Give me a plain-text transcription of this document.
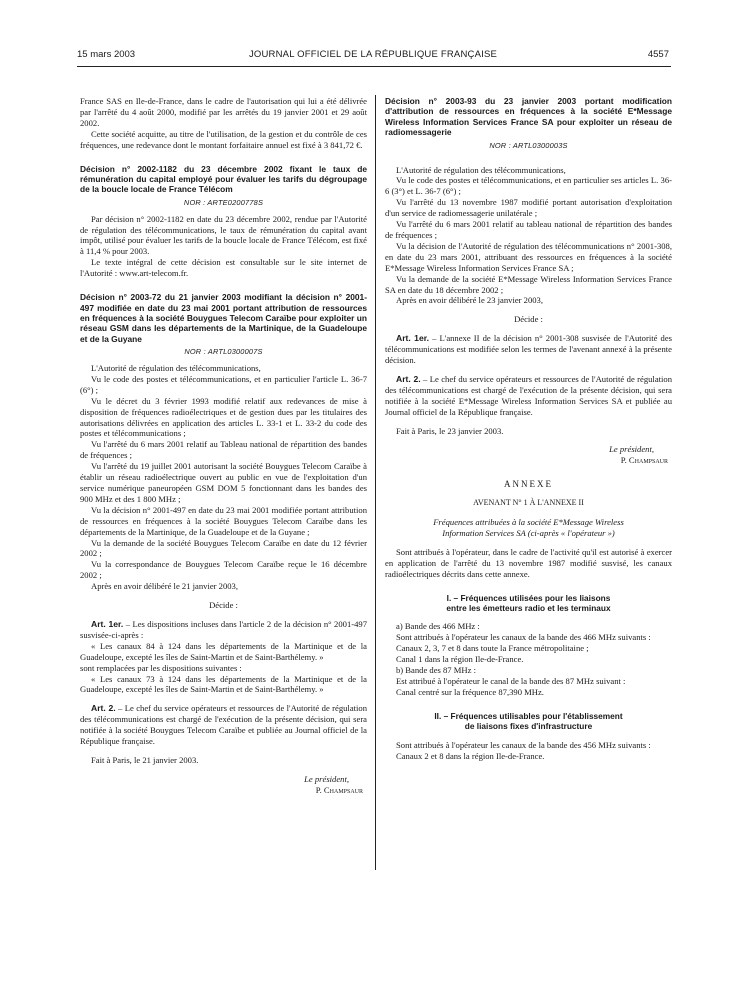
15 mars 2003	JOURNAL OFFICIEL DE LA RÉPUBLIQUE FRANÇAISE	4557

France SAS en Ile-de-France, dans le cadre de l'autorisation qui lui a été délivrée par l'arrêté du 4 août 2000, modifié par les arrêtés du 19 janvier 2001 et 29 août 2002.

Cette société acquitte, au titre de l'utilisation, de la gestion et du contrôle de ces fréquences, une redevance dont le montant forfaitaire annuel est fixé à 3 841,72 €.

Décision n° 2002-1182 du 23 décembre 2002 fixant le taux de rémunération du capital employé pour évaluer les tarifs du dégroupage de la boucle locale de France Télécom

NOR : ARTE0200778S

Par décision n° 2002-1182 en date du 23 décembre 2002, rendue par l'Autorité de régulation des télécommunications, le taux de rémunération du capital avant impôt, utilisé pour évaluer les tarifs de la boucle locale de France Télécom, est fixé à 11,4 % pour 2003.

Le texte intégral de cette décision est consultable sur le site internet de l'Autorité : www.art-telecom.fr.

Décision n° 2003-72 du 21 janvier 2003 modifiant la décision n° 2001-497 modifiée en date du 23 mai 2001 portant attribution de ressources en fréquences à la société Bouygues Telecom Caraïbe pour exploiter un réseau GSM dans les départements de la Martinique, de la Guadeloupe et de la Guyane

NOR : ARTL0300007S

L'Autorité de régulation des télécommunications,

Vu le code des postes et télécommunications, et en particulier l'article L. 36-7 (6°) ;

Vu le décret du 3 février 1993 modifié relatif aux redevances de mise à disposition de fréquences radioélectriques et de gestion dues par les titulaires des autorisations délivrées en application des articles L. 33-1 et L. 33-2 du code des postes et télécommunications ;

Vu l'arrêté du 6 mars 2001 relatif au Tableau national de répartition des bandes de fréquences ;

Vu l'arrêté du 19 juillet 2001 autorisant la société Bouygues Telecom Caraïbe à établir un réseau radioélectrique ouvert au public en vue de l'exploitation d'un service numérique paneuropéen GSM DOM 5 fonctionnant dans les bandes des 900 MHz et des 1 800 MHz ;

Vu la décision n° 2001-497 en date du 23 mai 2001 modifiée portant attribution de ressources en fréquences à la société Bouygues Telecom Caraïbe dans les départements de la Martinique, de la Guadeloupe et de la Guyane ;

Vu la demande de la société Bouygues Telecom Caraïbe en date du 12 février 2002 ;

Vu la correspondance de Bouygues Telecom Caraïbe reçue le 16 décembre 2002 ;

Après en avoir délibéré le 21 janvier 2003,

Décide :

Art. 1er. – Les dispositions incluses dans l'article 2 de la décision n° 2001-497 susvisée-ci-après :

« Les canaux 84 à 124 dans les départements de la Martinique et de la Guadeloupe, excepté les îles de Saint-Martin et de Saint-Barthélemy. »

sont remplacées par les dispositions suivantes :

« Les canaux 73 à 124 dans les départements de la Martinique et de la Guadeloupe, excepté les îles de Saint-Martin et de Saint-Barthélemy. »

Art. 2. – Le chef du service opérateurs et ressources de l'Autorité de régulation des télécommunications est chargé de l'exécution de la présente décision, qui sera notifiée à la société Bouygues Telecom Caraïbe et publiée au Journal officiel de la République française.

Fait à Paris, le 21 janvier 2003.

Le président,

P. Champsaur

Décision n° 2003-93 du 23 janvier 2003 portant modification d'attribution de ressources en fréquences à la société E*Message Wireless Information Services France SA pour exploiter un réseau de radiomessagerie

NOR : ARTL0300003S

L'Autorité de régulation des télécommunications,

Vu le code des postes et télécommunications, et en particulier ses articles L. 36-6 (3°) et L. 36-7 (6°) ;

Vu l'arrêté du 13 novembre 1987 modifié portant autorisation d'exploitation d'un service de radiomessagerie unilatérale ;

Vu l'arrêté du 6 mars 2001 relatif au tableau national de répartition des bandes de fréquences ;

Vu la décision de l'Autorité de régulation des télécommunications n° 2001-308, en date du 23 mars 2001, attribuant des ressources en fréquences à la société E*Message Wireless Information Services France SA ;

Vu la demande de la société E*Message Wireless Information Services France SA en date du 18 décembre 2002 ;

Après en avoir délibéré le 23 janvier 2003,

Décide :

Art. 1er. – L'annexe II de la décision n° 2001-308 susvisée de l'Autorité des télécommunications est modifiée selon les termes de l'avenant annexé à la présente décision.

Art. 2. – Le chef du service opérateurs et ressources de l'Autorité de régulation des télécommunications est chargé de l'exécution de la présente décision, qui sera notifiée à la société E*Message Wireless Information Services SA et publiée au Journal officiel de la République française.

Fait à Paris, le 23 janvier 2003.

Le président,

P. Champsaur

ANNEXE

AVENANT N° 1 À L'ANNEXE II

Fréquences attribuées à la société E*Message Wireless Information Services SA (ci-après « l'opérateur »)

Sont attribués à l'opérateur, dans le cadre de l'activité qu'il est autorisé à exercer en application de l'arrêté du 13 novembre 1987 modifié susvisé, les canaux radioélectriques décrits dans cette annexe.

I. – Fréquences utilisées pour les liaisons

entre les émetteurs radio et les terminaux

a) Bande des 466 MHz :

Sont attribués à l'opérateur les canaux de la bande des 466 MHz suivants :

Canaux 2, 3, 7 et 8 dans toute la France métropolitaine ;

Canal 1 dans la région Ile-de-France.

b) Bande des 87 MHz :

Est attribué à l'opérateur le canal de la bande des 87 MHz suivant :

Canal centré sur la fréquence 87,390 MHz.

II. – Fréquences utilisables pour l'établissement

de liaisons fixes d'infrastructure

Sont attribués à l'opérateur les canaux de la bande des 456 MHz suivants :

Canaux 2 et 8 dans la région Ile-de-France.
